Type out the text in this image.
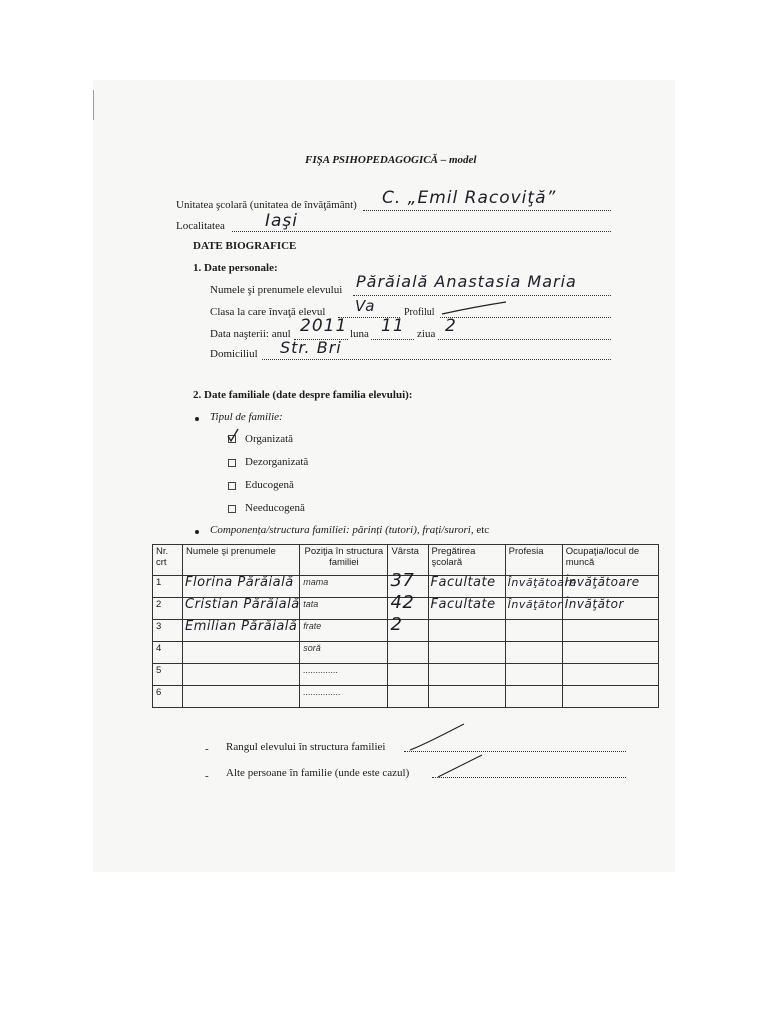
FIŞA PSIHOPEDAGOGICĂ – model
Unitatea şcolară (unitatea de învăţământ) C. „Emil Racoviţă”
Localitatea Iaşi
DATE BIOGRAFICE
1. Date personale:
Numele şi prenumele elevului Părăială Anastasia Maria
Clasa la care învaţă elevul Va	Profilul
Data naşterii: anul 2011 luna 11 ziua 2
Domiciliul Str. Bri
2. Date familiale (date despre familia elevului):
Tipul de familie:
Organizată
Dezorganizată
Educogenă
Needucogenă
Componența/structura familiei: părinți (tutori), frați/surori, etc
Nr. crt	Numele şi prenumele	Poziţia în structura familiei	Vârsta	Pregătirea şcolară	Profesia	Ocupaţia/locul de muncă
1	Florina Părăială	mama	37	Facultate	Învăţătoare	Învăţătoare

2	Cristian Părăială	tata	42	Facultate	Învăţător	Învăţător

3	Emilian Părăială	frate	2			

4		soră				
5		..............				
6		...............				
- Rangul elevului în structura familiei
- Alte persoane în familie (unde este cazul)
